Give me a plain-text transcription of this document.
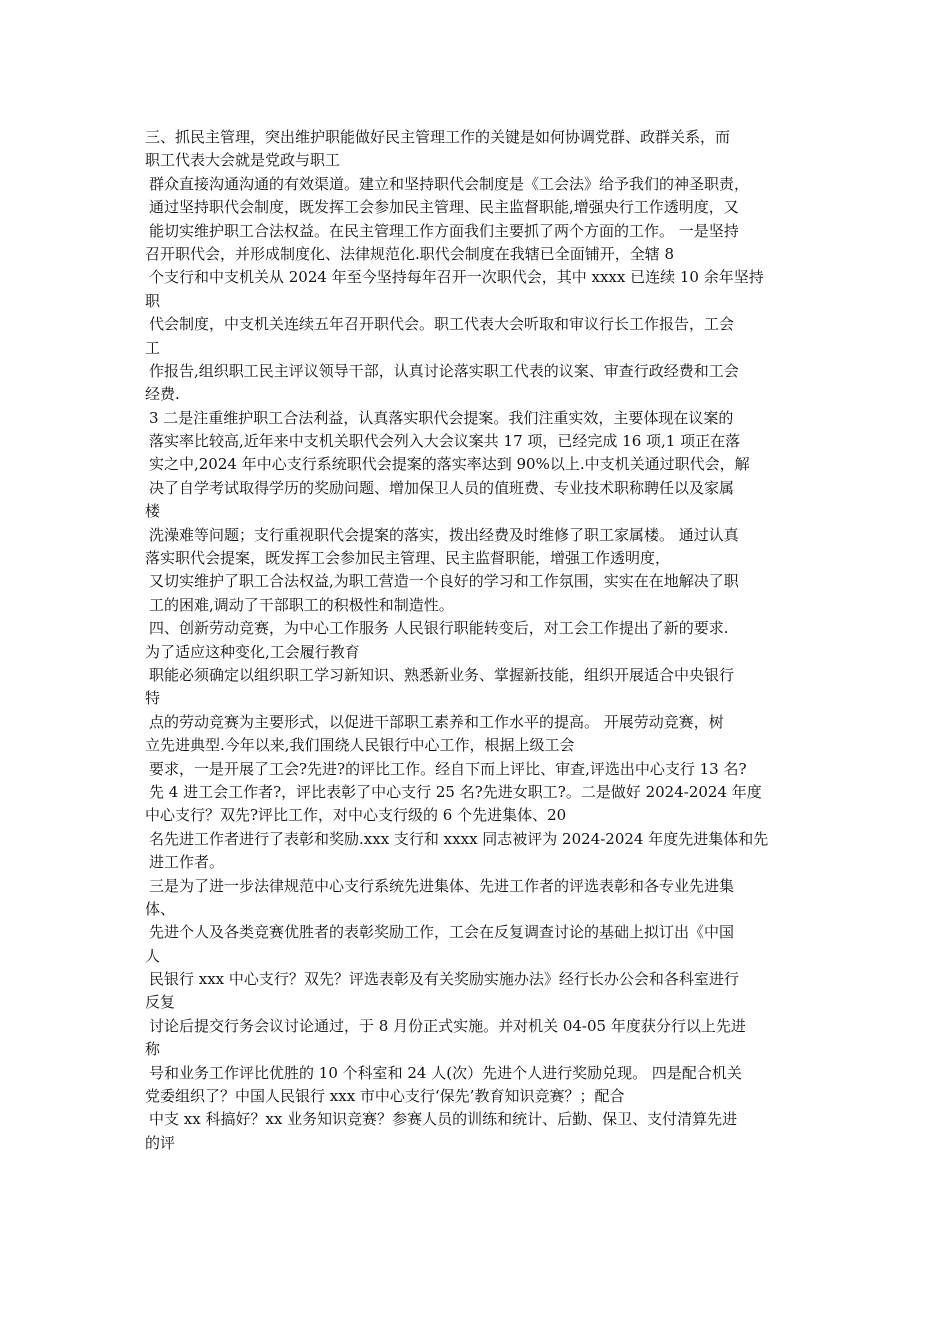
三、抓民主管理，突出维护职能做好民主管理工作的关键是如何协调党群、政群关系，而
职工代表大会就是党政与职工
群众直接沟通沟通的有效渠道。建立和坚持职代会制度是《工会法》给予我们的神圣职责，
通过坚持职代会制度，既发挥工会参加民主管理、民主监督职能,增强央行工作透明度，又
能切实维护职工合法权益。在民主管理工作方面我们主要抓了两个方面的工作。 一是坚持
召开职代会，并形成制度化、法律规范化.职代会制度在我辖已全面铺开，全辖 8
个支行和中支机关从 2024 年至今坚持每年召开一次职代会，其中 xxxx 已连续 10 余年坚持
职
代会制度，中支机关连续五年召开职代会。职工代表大会听取和审议行长工作报告，工会
工
作报告,组织职工民主评议领导干部，认真讨论落实职工代表的议案、审查行政经费和工会
经费.
3 二是注重维护职工合法利益，认真落实职代会提案。我们注重实效，主要体现在议案的
落实率比较高,近年来中支机关职代会列入大会议案共 17 项，已经完成 16 项,1 项正在落
实之中,2024 年中心支行系统职代会提案的落实率达到 90%以上.中支机关通过职代会，解
决了自学考试取得学历的奖励问题、增加保卫人员的值班费、专业技术职称聘任以及家属
楼
洗澡难等问题；支行重视职代会提案的落实，拨出经费及时维修了职工家属楼。 通过认真
落实职代会提案，既发挥工会参加民主管理、民主监督职能，增强工作透明度，
又切实维护了职工合法权益,为职工营造一个良好的学习和工作氛围，实实在在地解决了职
工的困难,调动了干部职工的积极性和制造性。
四、创新劳动竞赛，为中心工作服务 人民银行职能转变后，对工会工作提出了新的要求.
为了适应这种变化,工会履行教育
职能必须确定以组织职工学习新知识、熟悉新业务、掌握新技能，组织开展适合中央银行
特
点的劳动竞赛为主要形式，以促进干部职工素养和工作水平的提高。 开展劳动竞赛，树
立先进典型.今年以来,我们围绕人民银行中心工作，根据上级工会
要求，一是开展了工会?先进?的评比工作。经自下而上评比、审查,评选出中心支行 13 名?
先 4 进工会工作者?，评比表彰了中心支行 25 名?先进女职工?。二是做好 2024-2024 年度
中心支行？双先?评比工作，对中心支行级的 6 个先进集体、20
名先进工作者进行了表彰和奖励.xxx 支行和 xxxx 同志被评为 2024-2024 年度先进集体和先
进工作者。
三是为了进一步法律规范中心支行系统先进集体、先进工作者的评选表彰和各专业先进集
体、
先进个人及各类竞赛优胜者的表彰奖励工作，工会在反复调查讨论的基础上拟订出《中国
人
民银行 xxx 中心支行？双先？评选表彰及有关奖励实施办法》经行长办公会和各科室进行
反复
讨论后提交行务会议讨论通过，于 8 月份正式实施。并对机关 04-05 年度获分行以上先进
称
号和业务工作评比优胜的 10 个科室和 24 人(次）先进个人进行奖励兑现。 四是配合机关
党委组织了？中国人民银行 xxx 市中心支行‘保先’教育知识竞赛？；配合
中支 xx 科搞好？xx 业务知识竞赛？参赛人员的训练和统计、后勤、保卫、支付清算先进
的评
